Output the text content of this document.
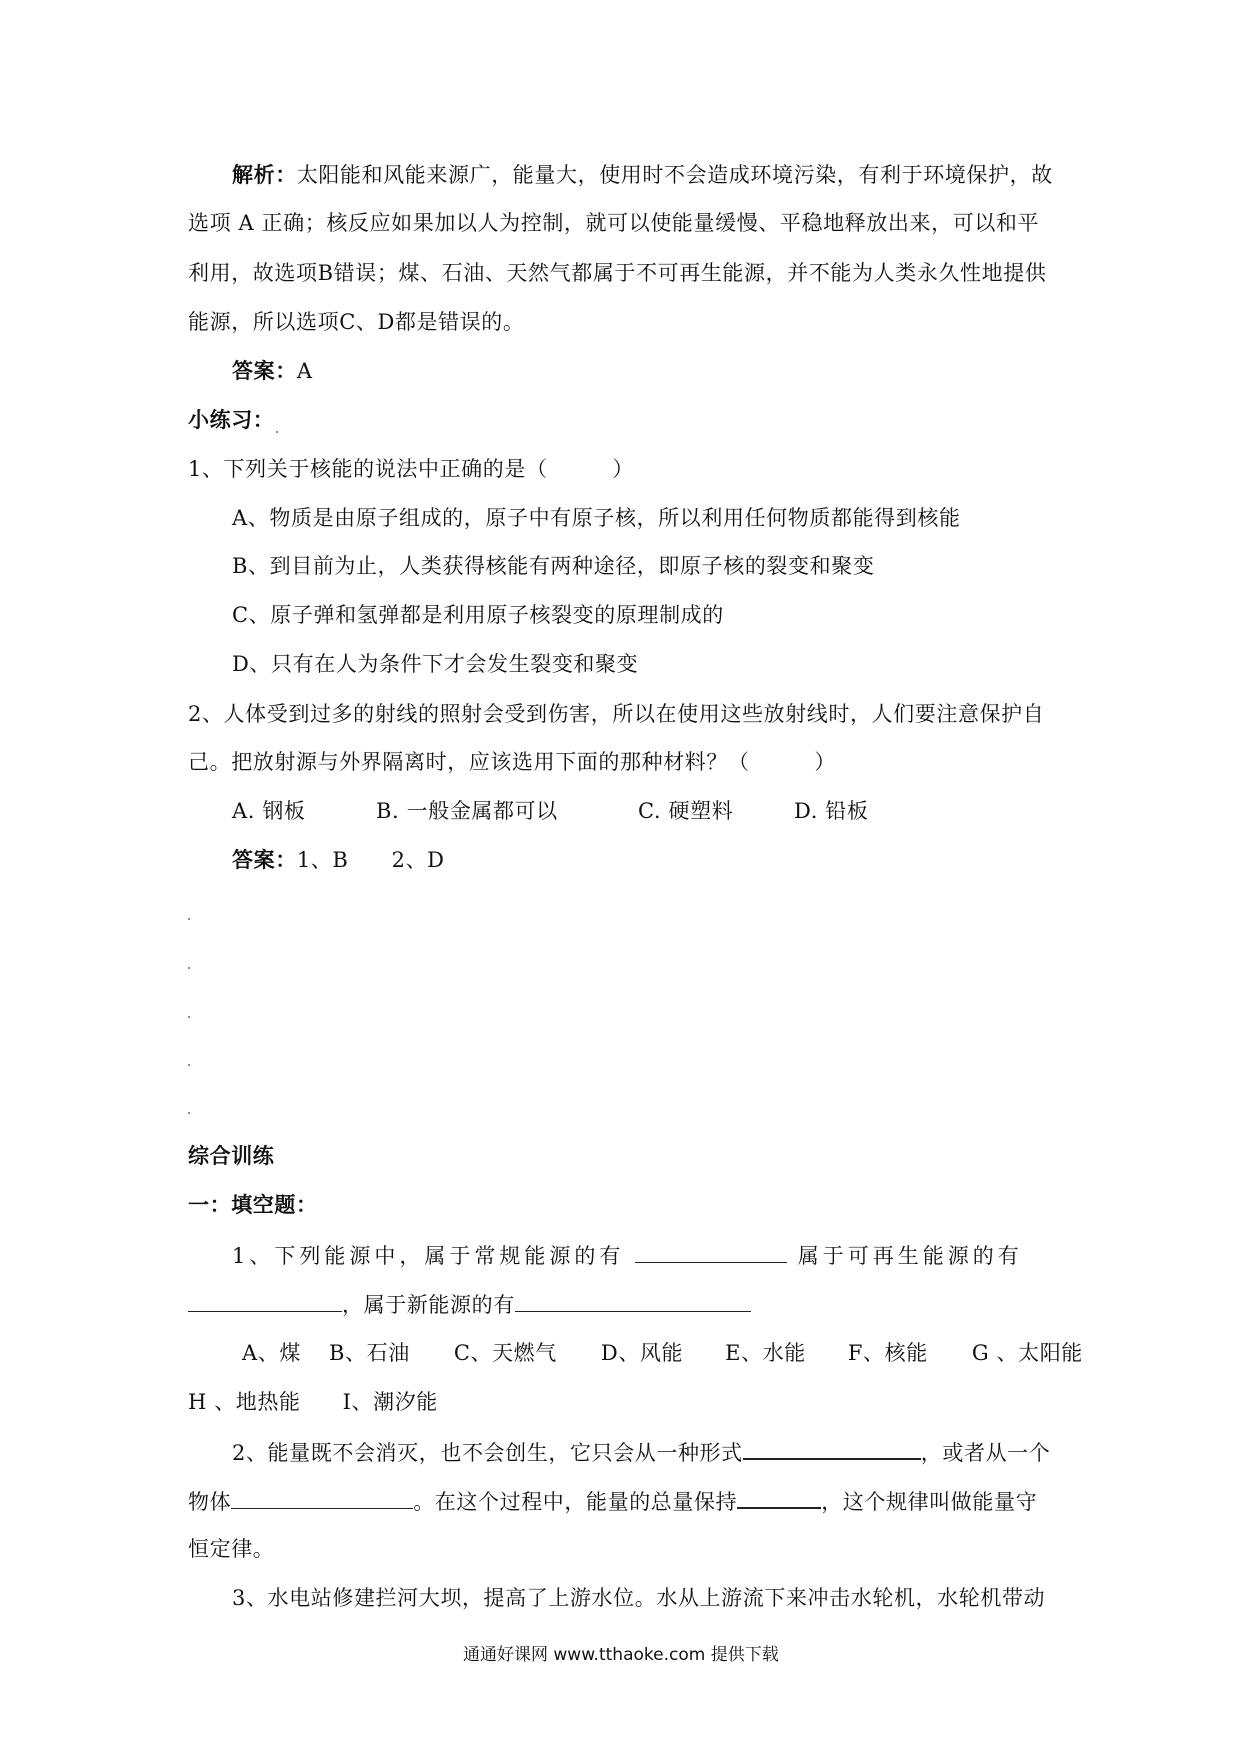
解析：太阳能和风能来源广，能量大，使用时不会造成环境污染，有利于环境保护，故
选项 A 正确；核反应如果加以人为控制，就可以使能量缓慢、平稳地释放出来，可以和平
利用，故选项B错误；煤、石油、天然气都属于不可再生能源，并不能为人类永久性地提供
能源，所以选项C、D都是错误的。
答案：A
小练习：
1、下列关于核能的说法中正确的是（　　　）
A、物质是由原子组成的，原子中有原子核，所以利用任何物质都能得到核能
B、到目前为止，人类获得核能有两种途径，即原子核的裂变和聚变
C、原子弹和氢弹都是利用原子核裂变的原理制成的
D、只有在人为条件下才会发生裂变和聚变
2、人体受到过多的射线的照射会受到伤害，所以在使用这些放射线时，人们要注意保护自
己。把放射源与外界隔离时，应该选用下面的那种材料？（　　　）
A. 钢板	B. 一般金属都可以	C. 硬塑料	D. 铅板
答案：1、B　　2、D
综合训练
一：填空题：
1、下列能源中，属于常规能源的有	属于可再生能源的有
，属于新能源的有
A、煤 B、石油 C、天燃气 D、风能 E、水能 F、核能 G 、太阳能
H 、地热能 I、潮汐能
2、能量既不会消灭，也不会创生，它只会从一种形式	，或者从一个
物体	。在这个过程中，能量的总量保持	，这个规律叫做能量守
恒定律。
3、水电站修建拦河大坝，提高了上游水位。水从上游流下来冲击水轮机，水轮机带动
通通好课网 www.tthaoke.com 提供下载
